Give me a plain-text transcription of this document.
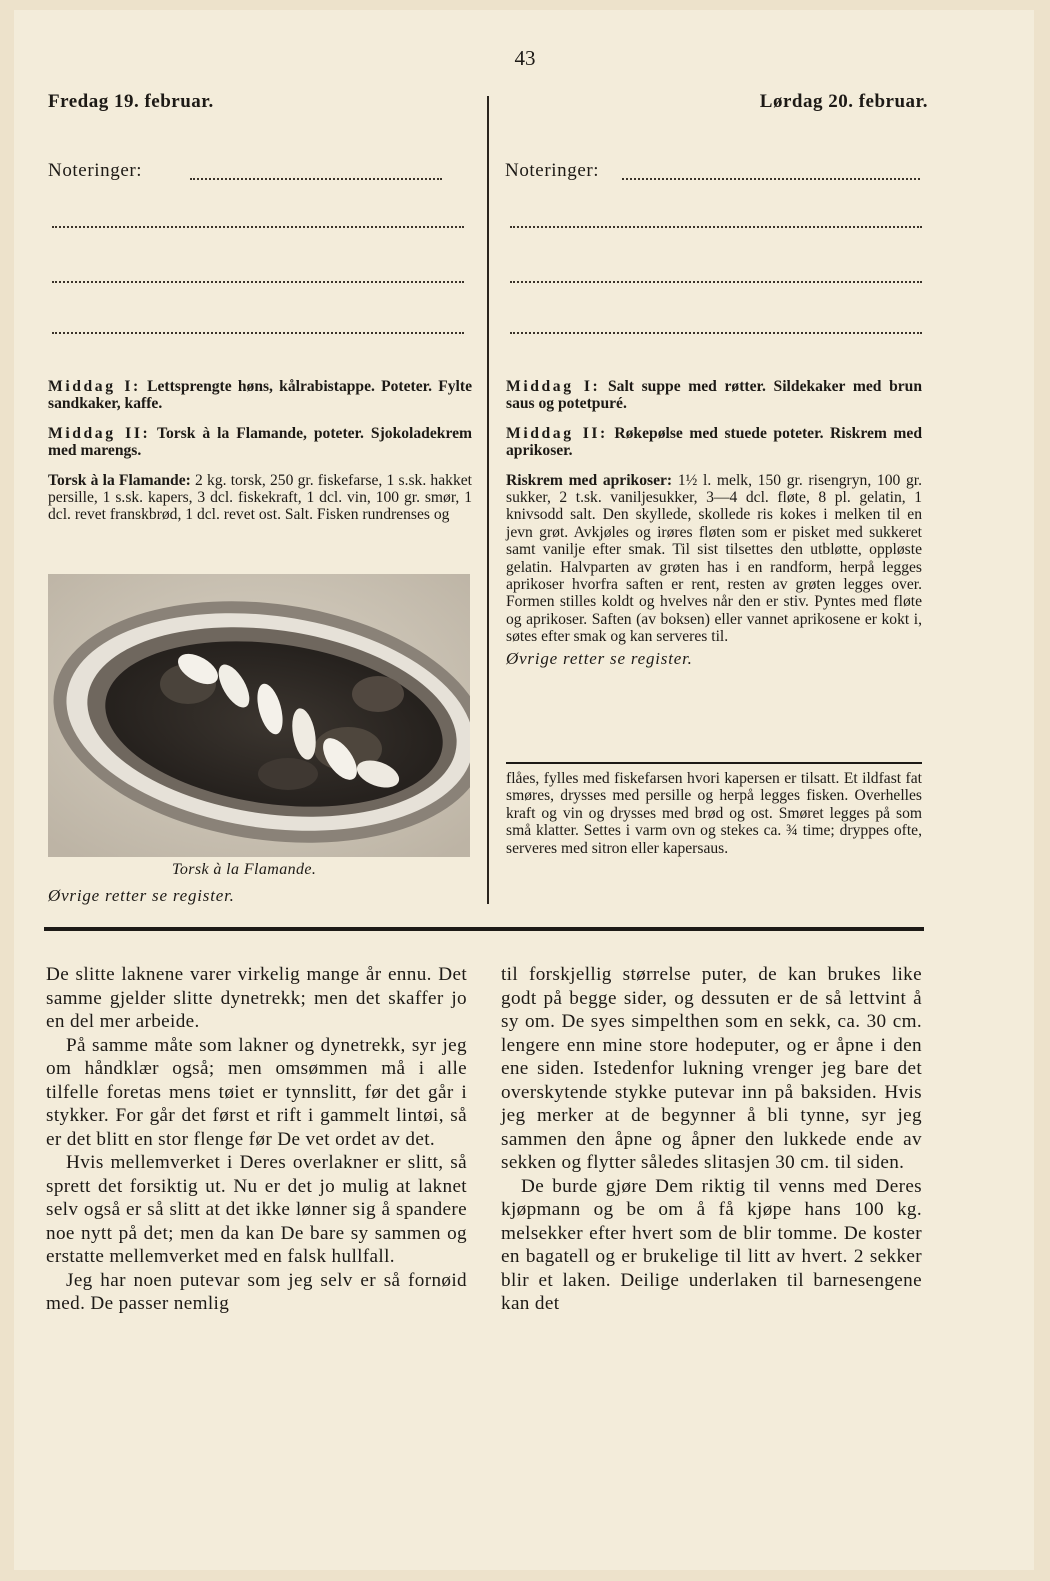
43
Fredag 19. februar.	Lørdag 20. februar.
Noteringer:	Noteringer:

Middag I: Lettsprengte høns, kålrabistappe. Poteter. Fylte sandkaker, kaffe.

Middag II: Torsk à la Flamande, poteter. Sjokoladekrem med marengs.

Torsk à la Flamande: 2 kg. torsk, 250 gr. fiskefarse, 1 s.sk. hakket persille, 1 s.sk. kapers, 3 dcl. fiskekraft, 1 dcl. vin, 100 gr. smør, 1 dcl. revet franskbrød, 1 dcl. revet ost. Salt. Fisken rundrenses og

Torsk à la Flamande.
Øvrige retter se register.

Middag I: Salt suppe med røtter. Sildekaker med brun saus og potetpuré.

Middag II: Røkepølse med stuede poteter. Riskrem med aprikoser.

Riskrem med aprikoser: 1½ l. melk, 150 gr. risengryn, 100 gr. sukker, 2 t.sk. vaniljesukker, 3—4 dcl. fløte, 8 pl. gelatin, 1 knivsodd salt. Den skyllede, skollede ris kokes i melken til en jevn grøt. Avkjøles og irøres fløten som er pisket med sukkeret samt vanilje efter smak. Til sist tilsettes den utbløtte, oppløste gelatin. Halvparten av grøten has i en randform, herpå legges aprikoser hvorfra saften er rent, resten av grøten legges over. Formen stilles koldt og hvelves når den er stiv. Pyntes med fløte og aprikoser. Saften (av boksen) eller vannet aprikosene er kokt i, søtes efter smak og kan serveres til.

Øvrige retter se register.

flåes, fylles med fiskefarsen hvori kapersen er tilsatt. Et ildfast fat smøres, drysses med persille og herpå legges fisken. Overhelles kraft og vin og drysses med brød og ost. Smøret legges på som små klatter. Settes i varm ovn og stekes ca. ¾ time; dryppes ofte, serveres med sitron eller kapersaus.

De slitte laknene varer virkelig mange år ennu. Det samme gjelder slitte dynetrekk; men det skaffer jo en del mer arbeide.

På samme måte som lakner og dynetrekk, syr jeg om håndklær også; men omsømmen må i alle tilfelle foretas mens tøiet er tynnslitt, før det går i stykker. For går det først et rift i gammelt lintøi, så er det blitt en stor flenge før De vet ordet av det.

Hvis mellemverket i Deres overlakner er slitt, så sprett det forsiktig ut. Nu er det jo mulig at laknet selv også er så slitt at det ikke lønner sig å spandere noe nytt på det; men da kan De bare sy sammen og erstatte mellemverket med en falsk hullfall.

Jeg har noen putevar som jeg selv er så fornøid med. De passer nemlig

til forskjellig størrelse puter, de kan brukes like godt på begge sider, og dessuten er de så lettvint å sy om. De syes simpelthen som en sekk, ca. 30 cm. lengere enn mine store hodeputer, og er åpne i den ene siden. Istedenfor lukning vrenger jeg bare det overskytende stykke putevar inn på baksiden. Hvis jeg merker at de begynner å bli tynne, syr jeg sammen den åpne og åpner den lukkede ende av sekken og flytter således slitasjen 30 cm. til siden.

De burde gjøre Dem riktig til venns med Deres kjøpmann og be om å få kjøpe hans 100 kg. melsekker efter hvert som de blir tomme. De koster en bagatell og er brukelige til litt av hvert. 2 sekker blir et laken. Deilige underlaken til barnesengene kan det
